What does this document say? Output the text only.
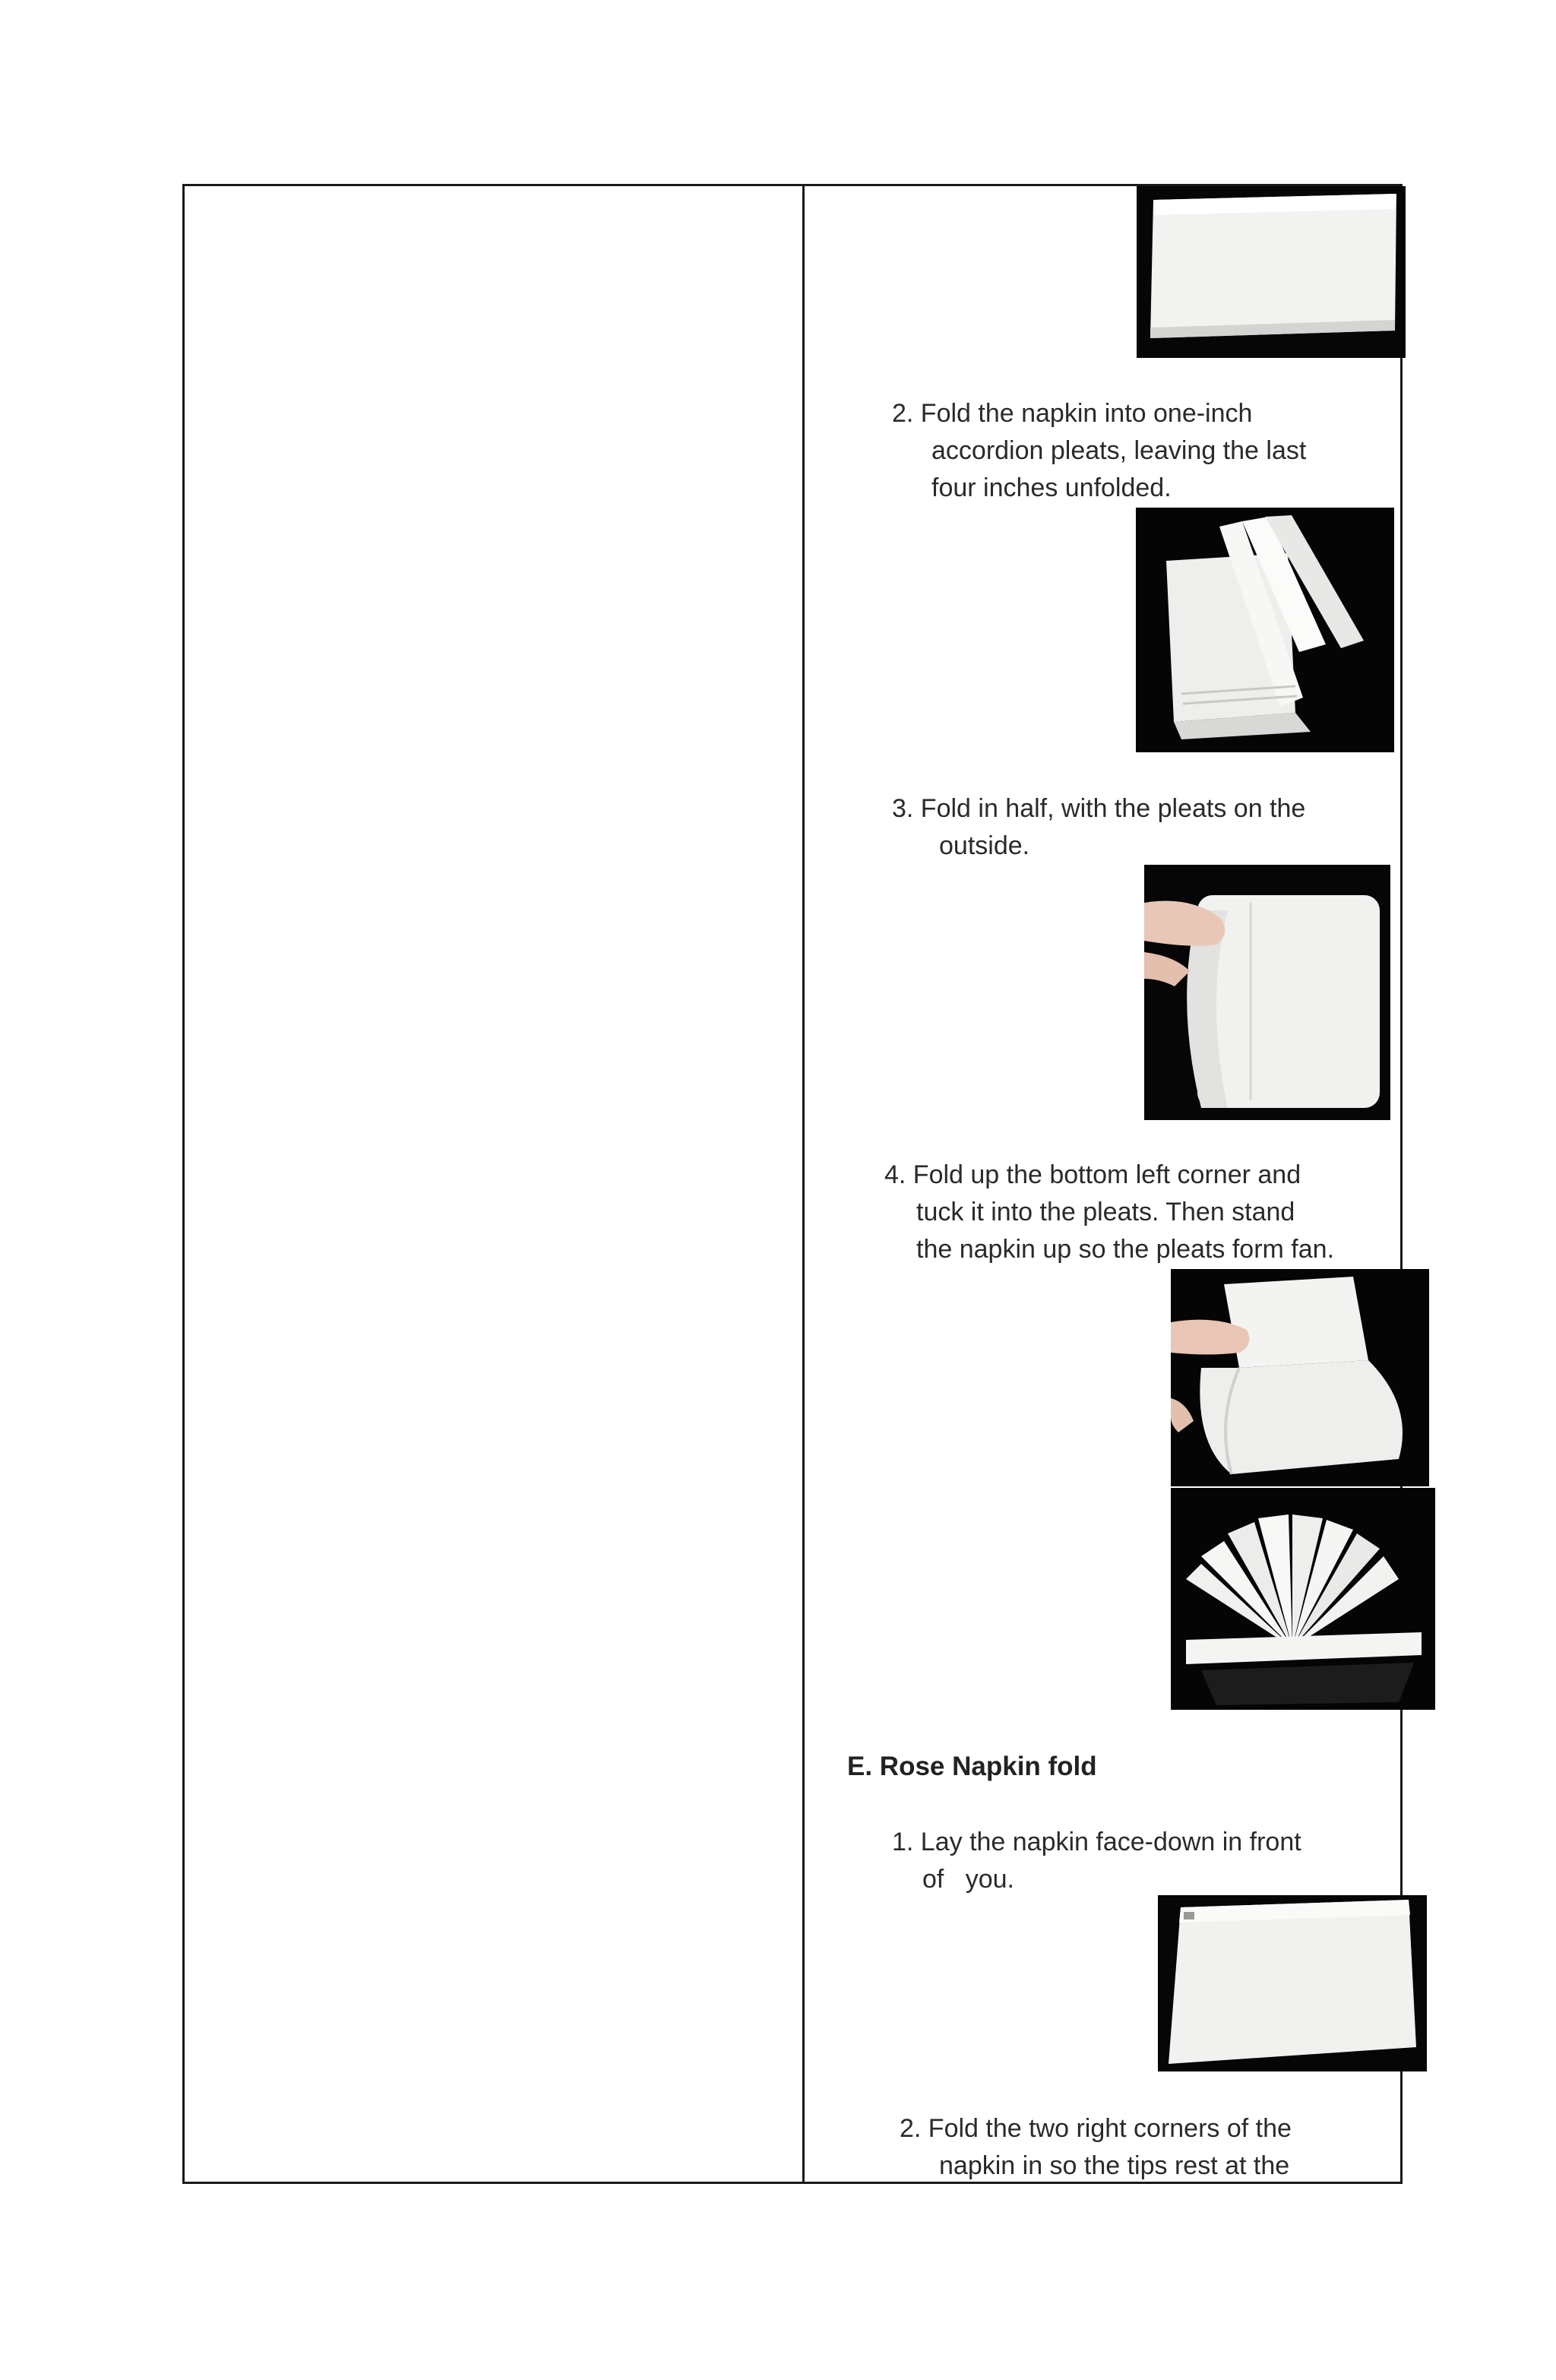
2. Fold the napkin into one-inch
accordion pleats, leaving the last
four inches unfolded.
3. Fold in half, with the pleats on the
outside.
4. Fold up the bottom left corner and
tuck it into the pleats. Then stand
the napkin up so the pleats form fan.
E. Rose Napkin fold
1. Lay the napkin face-down in front
of   you.
2. Fold the two right corners of the
napkin in so the tips rest at the
